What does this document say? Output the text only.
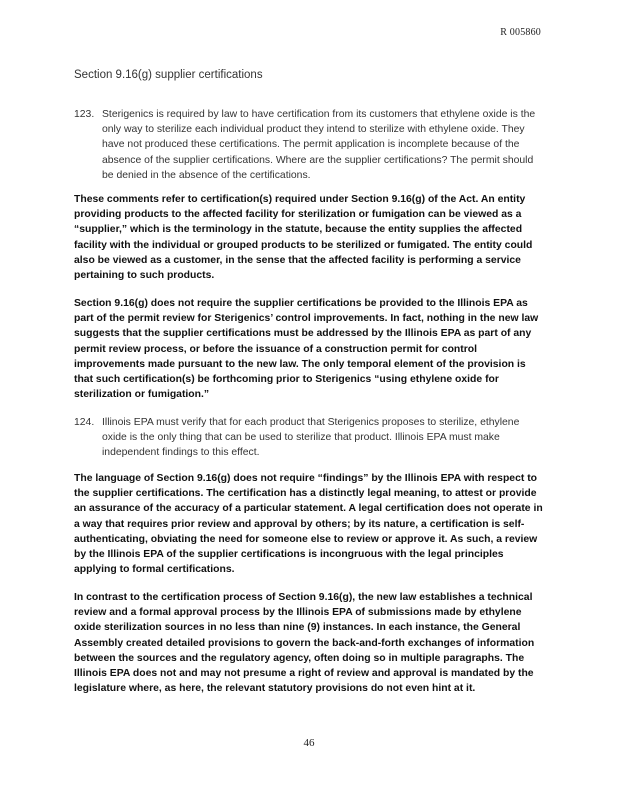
R 005860
Section 9.16(g) supplier certifications
123. Sterigenics is required by law to have certification from its customers that ethylene oxide is the only way to sterilize each individual product they intend to sterilize with ethylene oxide. They have not produced these certifications. The permit application is incomplete because of the absence of the supplier certifications. Where are the supplier certifications? The permit should be denied in the absence of the certifications.
These comments refer to certification(s) required under Section 9.16(g) of the Act. An entity providing products to the affected facility for sterilization or fumigation can be viewed as a “supplier,” which is the terminology in the statute, because the entity supplies the affected facility with the individual or grouped products to be sterilized or fumigated. The entity could also be viewed as a customer, in the sense that the affected facility is performing a service pertaining to such products.
Section 9.16(g) does not require the supplier certifications be provided to the Illinois EPA as part of the permit review for Sterigenics’ control improvements. In fact, nothing in the new law suggests that the supplier certifications must be addressed by the Illinois EPA as part of any permit review process, or before the issuance of a construction permit for control improvements made pursuant to the new law. The only temporal element of the provision is that such certification(s) be forthcoming prior to Sterigenics “using ethylene oxide for sterilization or fumigation.”
124. Illinois EPA must verify that for each product that Sterigenics proposes to sterilize, ethylene oxide is the only thing that can be used to sterilize that product. Illinois EPA must make independent findings to this effect.
The language of Section 9.16(g) does not require “findings” by the Illinois EPA with respect to the supplier certifications. The certification has a distinctly legal meaning, to attest or provide an assurance of the accuracy of a particular statement. A legal certification does not operate in a way that requires prior review and approval by others; by its nature, a certification is self-authenticating, obviating the need for someone else to review or approve it. As such, a review by the Illinois EPA of the supplier certifications is incongruous with the legal principles applying to formal certifications.
In contrast to the certification process of Section 9.16(g), the new law establishes a technical review and a formal approval process by the Illinois EPA of submissions made by ethylene oxide sterilization sources in no less than nine (9) instances. In each instance, the General Assembly created detailed provisions to govern the back-and-forth exchanges of information between the sources and the regulatory agency, often doing so in multiple paragraphs. The Illinois EPA does not and may not presume a right of review and approval is mandated by the legislature where, as here, the relevant statutory provisions do not even hint at it.
46
